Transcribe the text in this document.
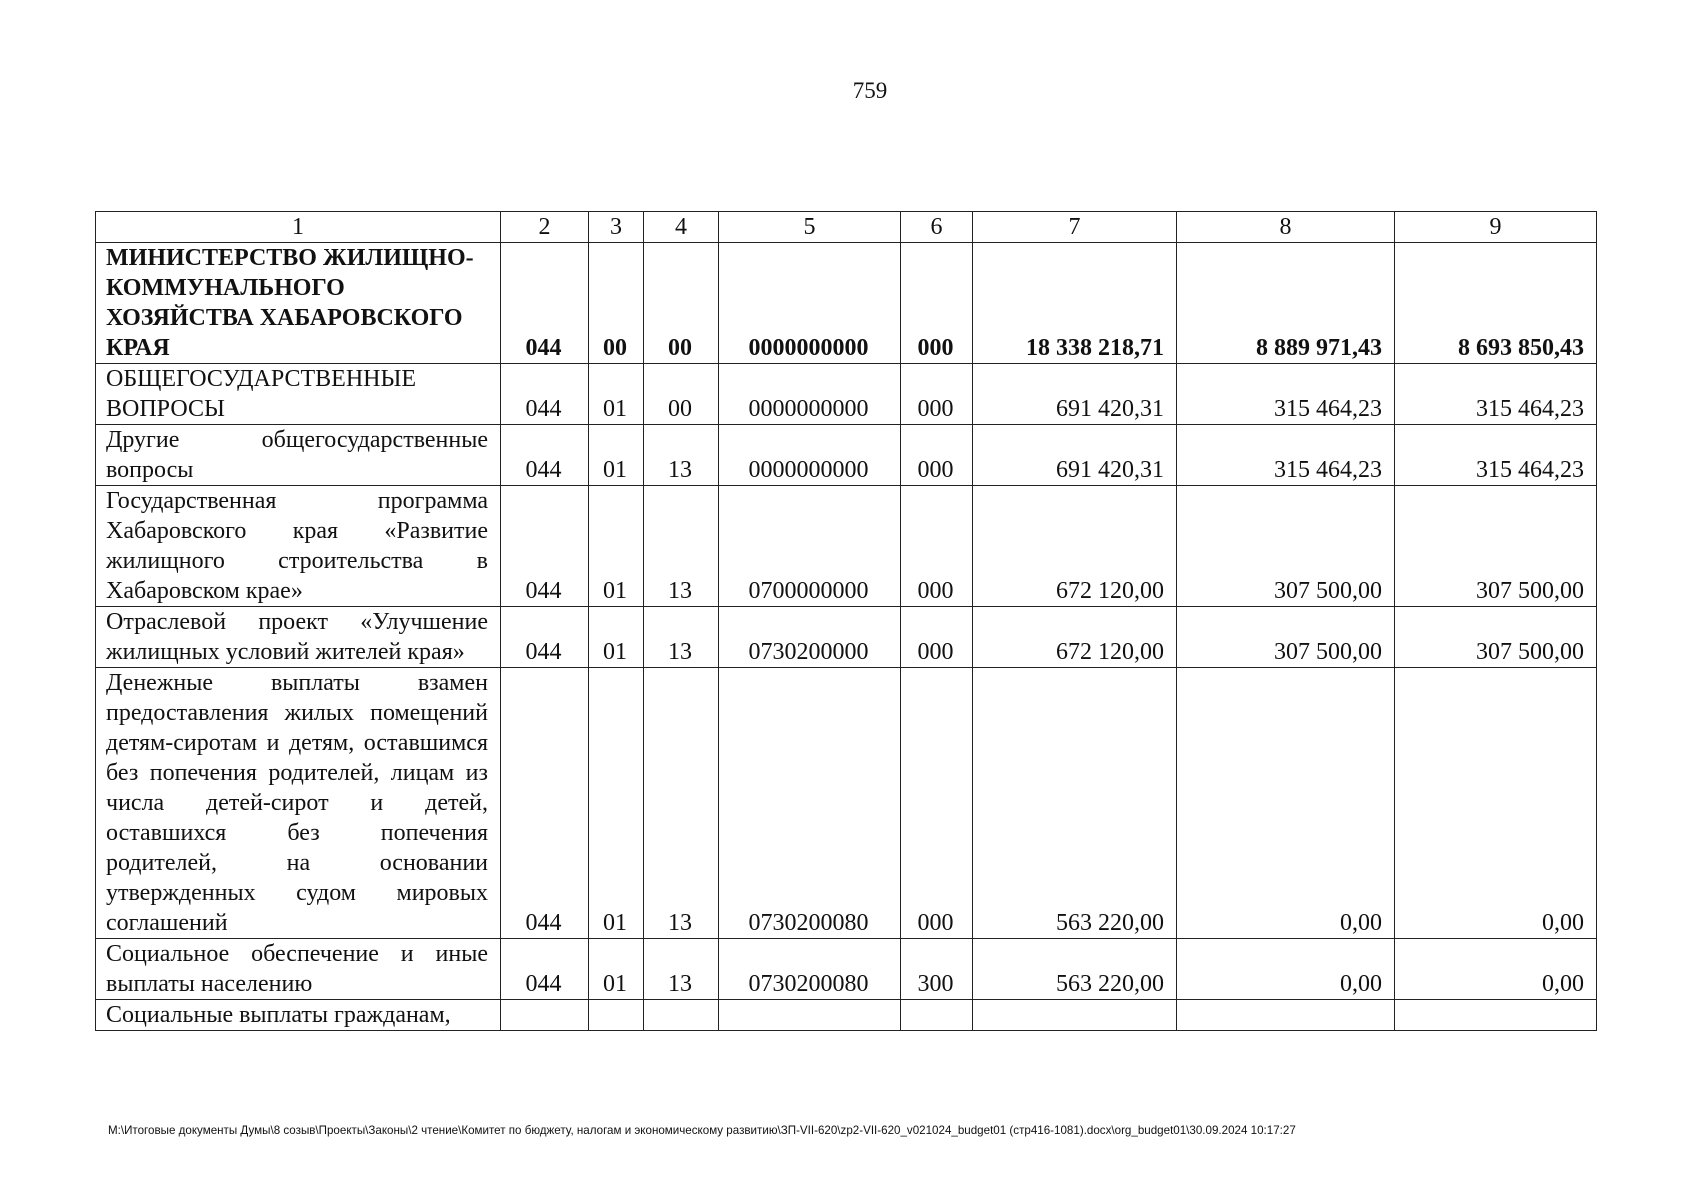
759
1	2	3	4	5	6	7	8	9
МИНИСТЕРСТВО ЖИЛИЩНО-КОММУНАЛЬНОГО ХОЗЯЙСТВА ХАБАРОВСКОГО КРАЯ	044	00	00	0000000000	000	18 338 218,71	8 889 971,43	8 693 850,43
ОБЩЕГОСУДАРСТВЕННЫЕ ВОПРОСЫ	044	01	00	0000000000	000	691 420,31	315 464,23	315 464,23
Другие общегосударственные вопросы	044	01	13	0000000000	000	691 420,31	315 464,23	315 464,23
Государственная программа Хабаровского края «Развитие жилищного строительства в Хабаровском крае»	044	01	13	0700000000	000	672 120,00	307 500,00	307 500,00
Отраслевой проект «Улучшение жилищных условий жителей края»	044	01	13	0730200000	000	672 120,00	307 500,00	307 500,00
Денежные выплаты взамен предоставления жилых помещений детям-сиротам и детям, оставшимся без попечения родителей, лицам из числа детей-сирот и детей, оставшихся без попечения родителей, на основании утвержденных судом мировых соглашений	044	01	13	0730200080	000	563 220,00	0,00	0,00
Социальное обеспечение и иные выплаты населению	044	01	13	0730200080	300	563 220,00	0,00	0,00
Социальные выплаты гражданам,								
М:\Итоговые документы Думы\8 созыв\Проекты\Законы\2 чтение\Комитет по бюджету, налогам и экономическому развитию\ЗП-VII-620\zp2-VII-620_v021024_budget01 (стр416-1081).docx\org_budget01\30.09.2024 10:17:27
